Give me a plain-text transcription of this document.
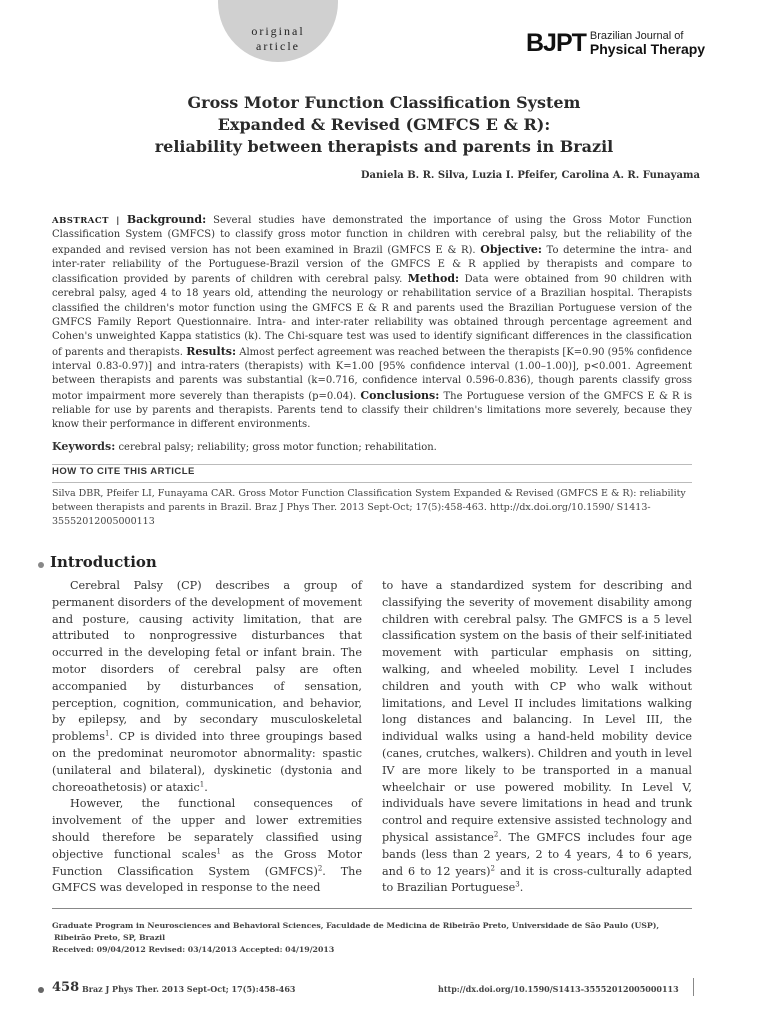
original
article	BJPT Brazilian Journal of
Physical Therapy
Gross Motor Function Classification System
Expanded & Revised (GMFCS E & R):
reliability between therapists and parents in Brazil
Daniela B. R. Silva, Luzia I. Pfeifer, Carolina A. R. Funayama
ABSTRACT | Background: Several studies have demonstrated the importance of using the Gross Motor Function Classification System (GMFCS) to classify gross motor function in children with cerebral palsy, but the reliability of the expanded and revised version has not been examined in Brazil (GMFCS E & R). Objective: To determine the intra- and inter-rater reliability of the Portuguese-Brazil version of the GMFCS E & R applied by therapists and compare to classification provided by parents of children with cerebral palsy. Method: Data were obtained from 90 children with cerebral palsy, aged 4 to 18 years old, attending the neurology or rehabilitation service of a Brazilian hospital. Therapists classified the children's motor function using the GMFCS E & R and parents used the Brazilian Portuguese version of the GMFCS Family Report Questionnaire. Intra- and inter-rater reliability was obtained through percentage agreement and Cohen's unweighted Kappa statistics (k). The Chi-square test was used to identify significant differences in the classification of parents and therapists. Results: Almost perfect agreement was reached between the therapists [K=0.90 (95% confidence interval 0.83-0.97)] and intra-raters (therapists) with K=1.00 [95% confidence interval (1.00–1.00)], p<0.001. Agreement between therapists and parents was substantial (k=0.716, confidence interval 0.596-0.836), though parents classify gross motor impairment more severely than therapists (p=0.04). Conclusions: The Portuguese version of the GMFCS E & R is reliable for use by parents and therapists. Parents tend to classify their children's limitations more severely, because they know their performance in different environments.
Keywords: cerebral palsy; reliability; gross motor function; rehabilitation.
HOW TO CITE THIS ARTICLE
Silva DBR, Pfeifer LI, Funayama CAR. Gross Motor Function Classification System Expanded & Revised (GMFCS E & R): reliability between therapists and parents in Brazil. Braz J Phys Ther. 2013 Sept-Oct; 17(5):458-463. http://dx.doi.org/10.1590/ S1413-35552012005000113
Introduction

Cerebral Palsy (CP) describes a group of permanent disorders of the development of movement and posture, causing activity limitation, that are attributed to nonprogressive disturbances that occurred in the developing fetal or infant brain. The motor disorders of cerebral palsy are often accompanied by disturbances of sensation, perception, cognition, communication, and behavior, by epilepsy, and by secondary musculoskeletal problems$^1$. CP is divided into three groupings based on the predominat neuromotor abnormality: spastic (unilateral and bilateral), dyskinetic (dystonia and choreoathetosis) or ataxic$^1$.

However, the functional consequences of involvement of the upper and lower extremities should therefore be separately classified using objective functional scales$^1$ as the Gross Motor Function Classification System (GMFCS)$^2$. The GMFCS was developed in response to the need

to have a standardized system for describing and classifying the severity of movement disability among children with cerebral palsy. The GMFCS is a 5 level classification system on the basis of their self-initiated movement with particular emphasis on sitting, walking, and wheeled mobility. Level I includes children and youth with CP who walk without limitations, and Level II includes limitations walking long distances and balancing. In Level III, the individual walks using a hand-held mobility device (canes, crutches, walkers). Children and youth in level IV are more likely to be transported in a manual wheelchair or use powered mobility. In Level V, individuals have severe limitations in head and trunk control and require extensive assisted technology and physical assistance$^2$. The GMFCS includes four age bands (less than 2 years, 2 to 4 years, 4 to 6 years, and 6 to 12 years)$^2$ and it is cross-culturally adapted to Brazilian Portuguese$^3$.

Graduate Program in Neurosciences and Behavioral Sciences, Faculdade de Medicina de Ribeirão Preto, Universidade de São Paulo (USP),
Ribeirão Preto, SP, Brazil
Received: 09/04/2012 Revised: 03/14/2013 Accepted: 04/19/2013
458 Braz J Phys Ther. 2013 Sept-Oct; 17(5):458-463	http://dx.doi.org/10.1590/S1413-35552012005000113
